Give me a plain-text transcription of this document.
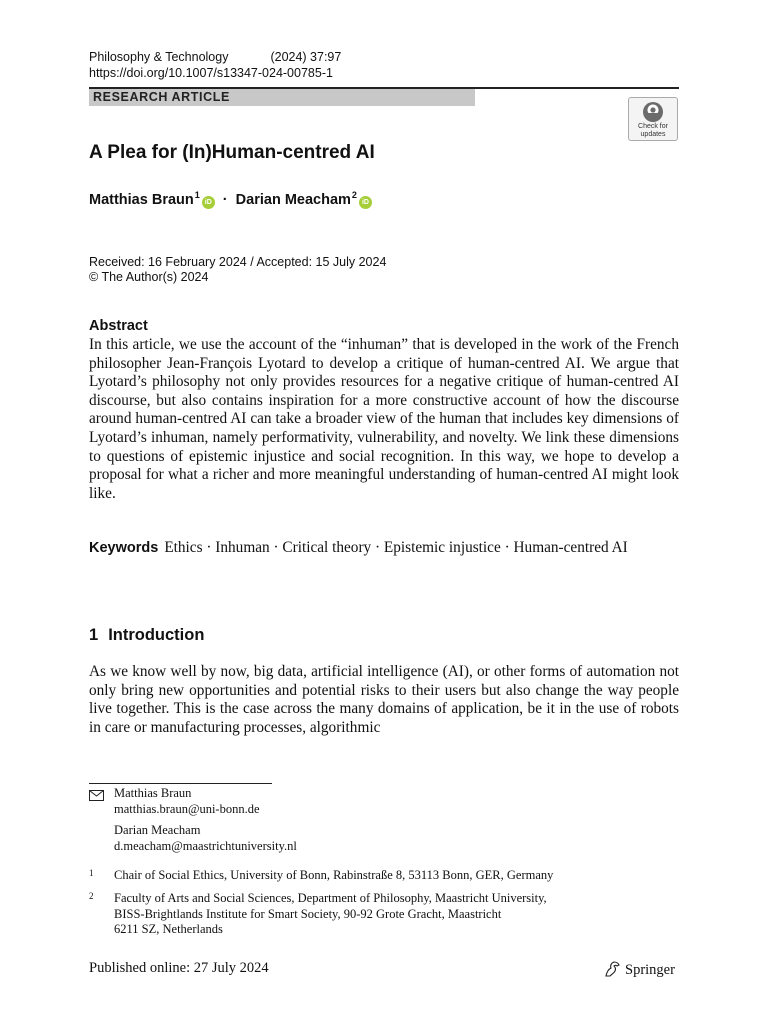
Philosophy & Technology	(2024) 37:97
https://doi.org/10.1007/s13347-024-00785-1
RESEARCH ARTICLE
Check for
updates
A Plea for (In)Human-centred AI
Matthias Braun$^1$iD · Darian Meacham$^2$iD
Received: 16 February 2024 / Accepted: 15 July 2024
© The Author(s) 2024
Abstract

In this article, we use the account of the “inhuman” that is developed in the work of the French philosopher Jean-François Lyotard to develop a critique of human-centred AI. We argue that Lyotard’s philosophy not only provides resources for a negative critique of human-centred AI discourse, but also contains inspiration for a more constructive account of how the discourse around human-centred AI can take a broader view of the human that includes key dimensions of Lyotard’s inhuman, namely performativity, vulnerability, and novelty. We link these dimensions to questions of epistemic injustice and social recognition. In this way, we hope to develop a proposal for what a richer and more meaningful understanding of human-centred AI might look like.

Keywords Ethics · Inhuman · Critical theory · Epistemic injustice · Human-centred AI

1 Introduction

As we know well by now, big data, artificial intelligence (AI), or other forms of automation not only bring new opportunities and potential risks to their users but also change the way people live together. This is the case across the many domains of application, be it in the use of robots in care or manufacturing processes, algorithmic

Matthias Braun
matthias.braun@uni-bonn.de
Darian Meacham
d.meacham@maastrichtuniversity.nl
1 Chair of Social Ethics, University of Bonn, Rabinstraße 8, 53113 Bonn, GER, Germany
2 Faculty of Arts and Social Sciences, Department of Philosophy, Maastricht University,
BISS-Brightlands Institute for Smart Society, 90-92 Grote Gracht, Maastricht
6211 SZ, Netherlands
Published online: 27 July 2024	Springer
